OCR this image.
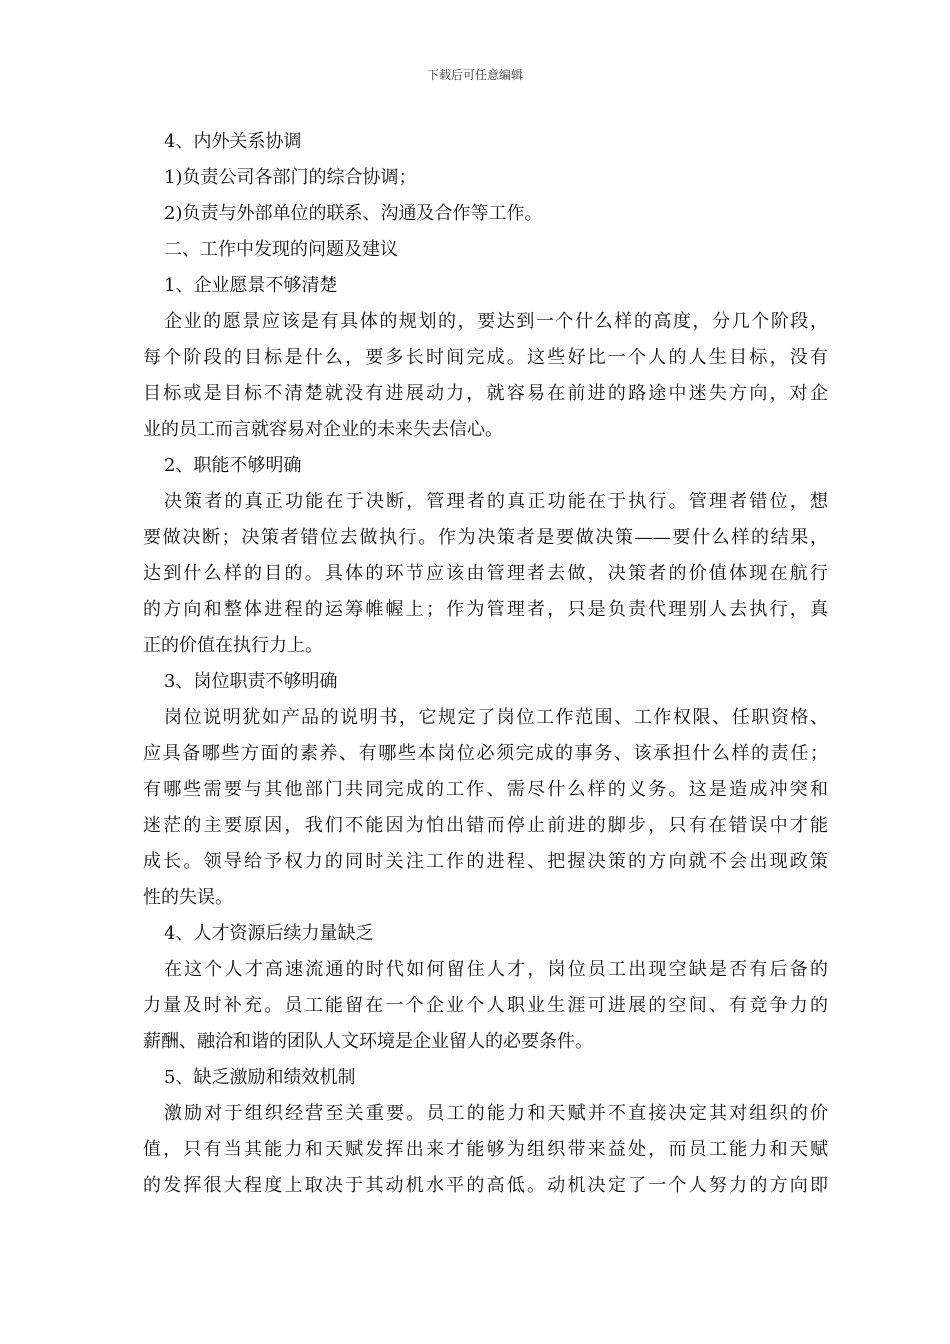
下载后可任意编辑
4、内外关系协调
1)负责公司各部门的综合协调；
2)负责与外部单位的联系、沟通及合作等工作。
二、工作中发现的问题及建议
1、企业愿景不够清楚
企业的愿景应该是有具体的规划的，要达到一个什么样的高度，分几个阶段，
每个阶段的目标是什么，要多长时间完成。这些好比一个人的人生目标，没有
目标或是目标不清楚就没有进展动力，就容易在前进的路途中迷失方向，对企
业的员工而言就容易对企业的未来失去信心。
2、职能不够明确
决策者的真正功能在于决断，管理者的真正功能在于执行。管理者错位，想
要做决断；决策者错位去做执行。作为决策者是要做决策——要什么样的结果，
达到什么样的目的。具体的环节应该由管理者去做，决策者的价值体现在航行
的方向和整体进程的运筹帷幄上；作为管理者，只是负责代理别人去执行，真
正的价值在执行力上。
3、岗位职责不够明确
岗位说明犹如产品的说明书，它规定了岗位工作范围、工作权限、任职资格、
应具备哪些方面的素养、有哪些本岗位必须完成的事务、该承担什么样的责任；
有哪些需要与其他部门共同完成的工作、需尽什么样的义务。这是造成冲突和
迷茫的主要原因，我们不能因为怕出错而停止前进的脚步，只有在错误中才能
成长。领导给予权力的同时关注工作的进程、把握决策的方向就不会出现政策
性的失误。
4、人才资源后续力量缺乏
在这个人才高速流通的时代如何留住人才，岗位员工出现空缺是否有后备的
力量及时补充。员工能留在一个企业个人职业生涯可进展的空间、有竞争力的
薪酬、融洽和谐的团队人文环境是企业留人的必要条件。
5、缺乏激励和绩效机制
激励对于组织经营至关重要。员工的能力和天赋并不直接决定其对组织的价
值，只有当其能力和天赋发挥出来才能够为组织带来益处，而员工能力和天赋
的发挥很大程度上取决于其动机水平的高低。动机决定了一个人努力的方向即
